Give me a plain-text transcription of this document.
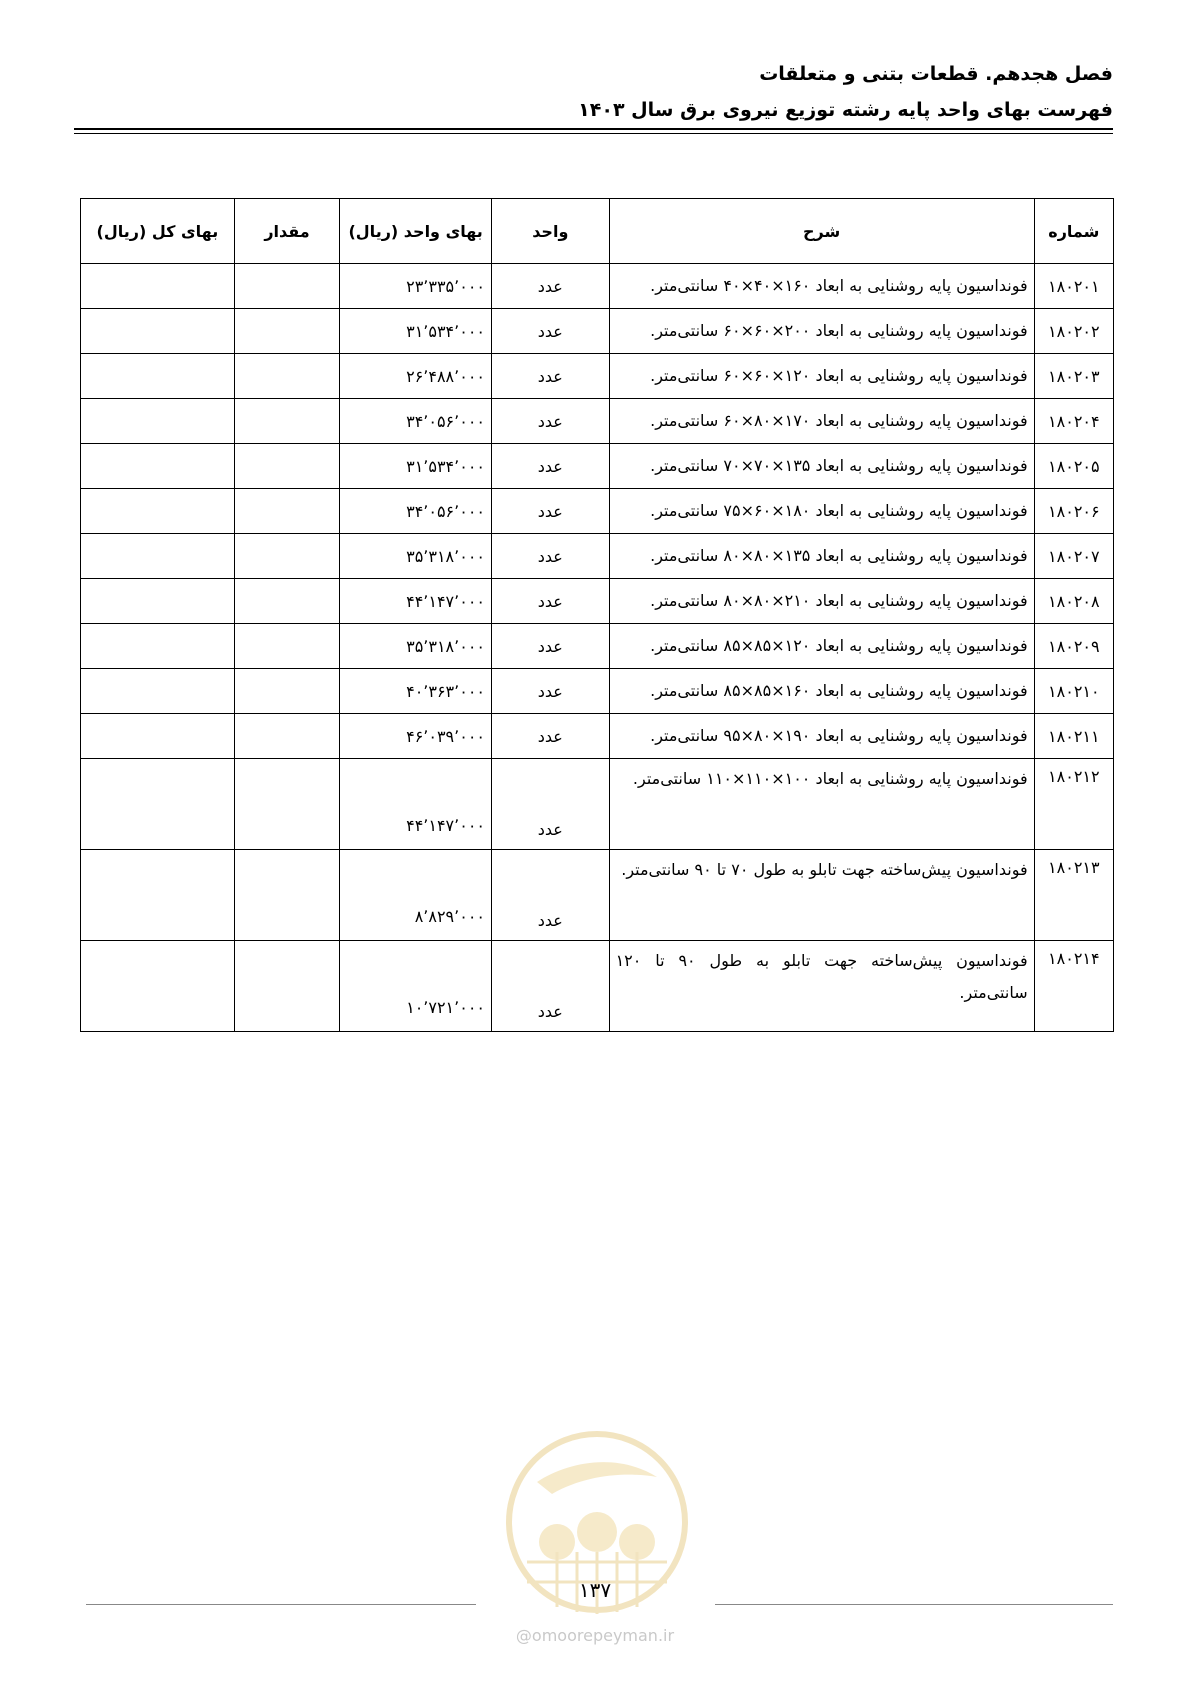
فصل هجدهم. قطعات بتنی و متعلقات
فهرست بهای واحد پایه رشته توزیع نیروی برق سال ۱۴۰۳
شماره	شرح	واحد	بهای واحد (ریال)	مقدار	بهای کل (ریال)
۱۸۰۲۰۱	فونداسیون پایه روشنایی به ابعاد ۱۶۰×۴۰×۴۰ سانتی‌متر.	عدد	۲۳٬۳۳۵٬۰۰۰		
۱۸۰۲۰۲	فونداسیون پایه روشنایی به ابعاد ۲۰۰×۶۰×۶۰ سانتی‌متر.	عدد	۳۱٬۵۳۴٬۰۰۰		
۱۸۰۲۰۳	فونداسیون پایه روشنایی به ابعاد ۱۲۰×۶۰×۶۰ سانتی‌متر.	عدد	۲۶٬۴۸۸٬۰۰۰		
۱۸۰۲۰۴	فونداسیون پایه روشنایی به ابعاد ۱۷۰×۸۰×۶۰ سانتی‌متر.	عدد	۳۴٬۰۵۶٬۰۰۰		
۱۸۰۲۰۵	فونداسیون پایه روشنایی به ابعاد ۱۳۵×۷۰×۷۰ سانتی‌متر.	عدد	۳۱٬۵۳۴٬۰۰۰		
۱۸۰۲۰۶	فونداسیون پایه روشنایی به ابعاد ۱۸۰×۶۰×۷۵ سانتی‌متر.	عدد	۳۴٬۰۵۶٬۰۰۰		
۱۸۰۲۰۷	فونداسیون پایه روشنایی به ابعاد ۱۳۵×۸۰×۸۰ سانتی‌متر.	عدد	۳۵٬۳۱۸٬۰۰۰		
۱۸۰۲۰۸	فونداسیون پایه روشنایی به ابعاد ۲۱۰×۸۰×۸۰ سانتی‌متر.	عدد	۴۴٬۱۴۷٬۰۰۰		
۱۸۰۲۰۹	فونداسیون پایه روشنایی به ابعاد ۱۲۰×۸۵×۸۵ سانتی‌متر.	عدد	۳۵٬۳۱۸٬۰۰۰		
۱۸۰۲۱۰	فونداسیون پایه روشنایی به ابعاد ۱۶۰×۸۵×۸۵ سانتی‌متر.	عدد	۴۰٬۳۶۳٬۰۰۰		
۱۸۰۲۱۱	فونداسیون پایه روشنایی به ابعاد ۱۹۰×۸۰×۹۵ سانتی‌متر.	عدد	۴۶٬۰۳۹٬۰۰۰		
۱۸۰۲۱۲	فونداسیون پایه روشنایی به ابعاد ۱۰۰×۱۱۰×۱۱۰ سانتی‌متر.	عدد	۴۴٬۱۴۷٬۰۰۰		
۱۸۰۲۱۳	فونداسیون پیش‌ساخته جهت تابلو به طول ۷۰ تا ۹۰ سانتی‌متر.	عدد	۸٬۸۲۹٬۰۰۰		
۱۸۰۲۱۴	فونداسیون پیش‌ساخته جهت تابلو به طول ۹۰ تا ۱۲۰ سانتی‌متر.	عدد	۱۰٬۷۲۱٬۰۰۰		
۱۳۷
@omoorepeyman.ir
